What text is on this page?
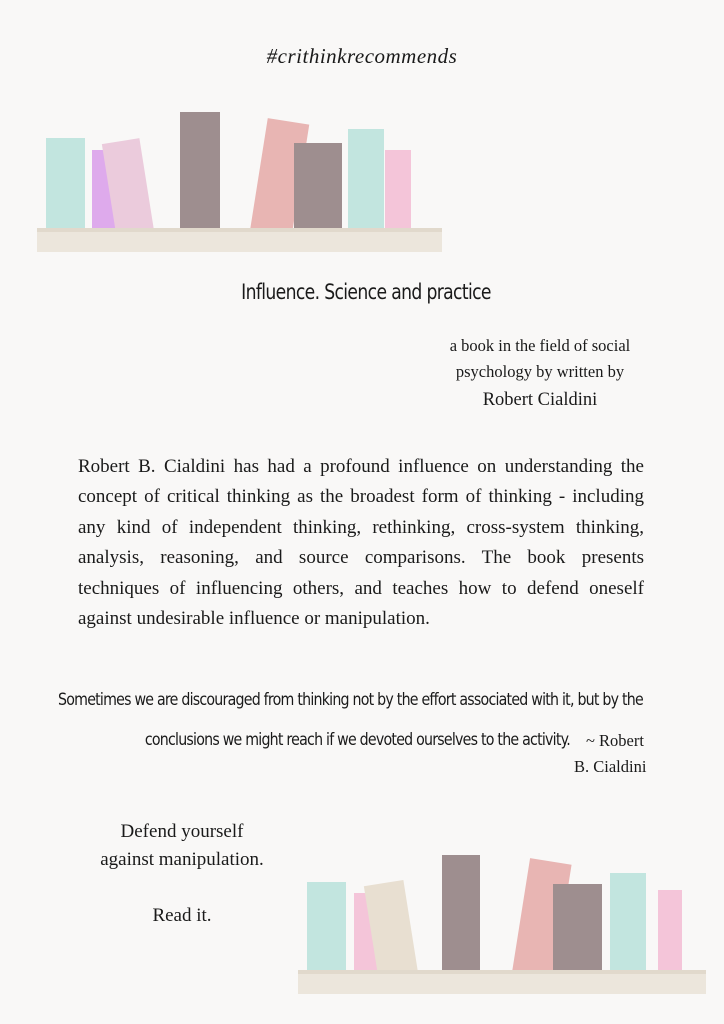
#crithinkrecommends
Influence. Science and practice
a book in the field of social
psychology by written by
Robert Cialdini
Robert B. Cialdini has had a profound influence on understanding the concept of critical thinking as the broadest form of thinking - including any kind of independent thinking, rethinking, cross-system thinking, analysis, reasoning, and source comparisons. The book presents techniques of influencing others, and teaches how to defend oneself against undesirable influence or manipulation.
Sometimes we are discouraged from thinking not by the effort associated with it, but by the
conclusions we might reach if we devoted ourselves to the activity. ~ Robert
B. Cialdini
Defend yourself
against manipulation.
Read it.
